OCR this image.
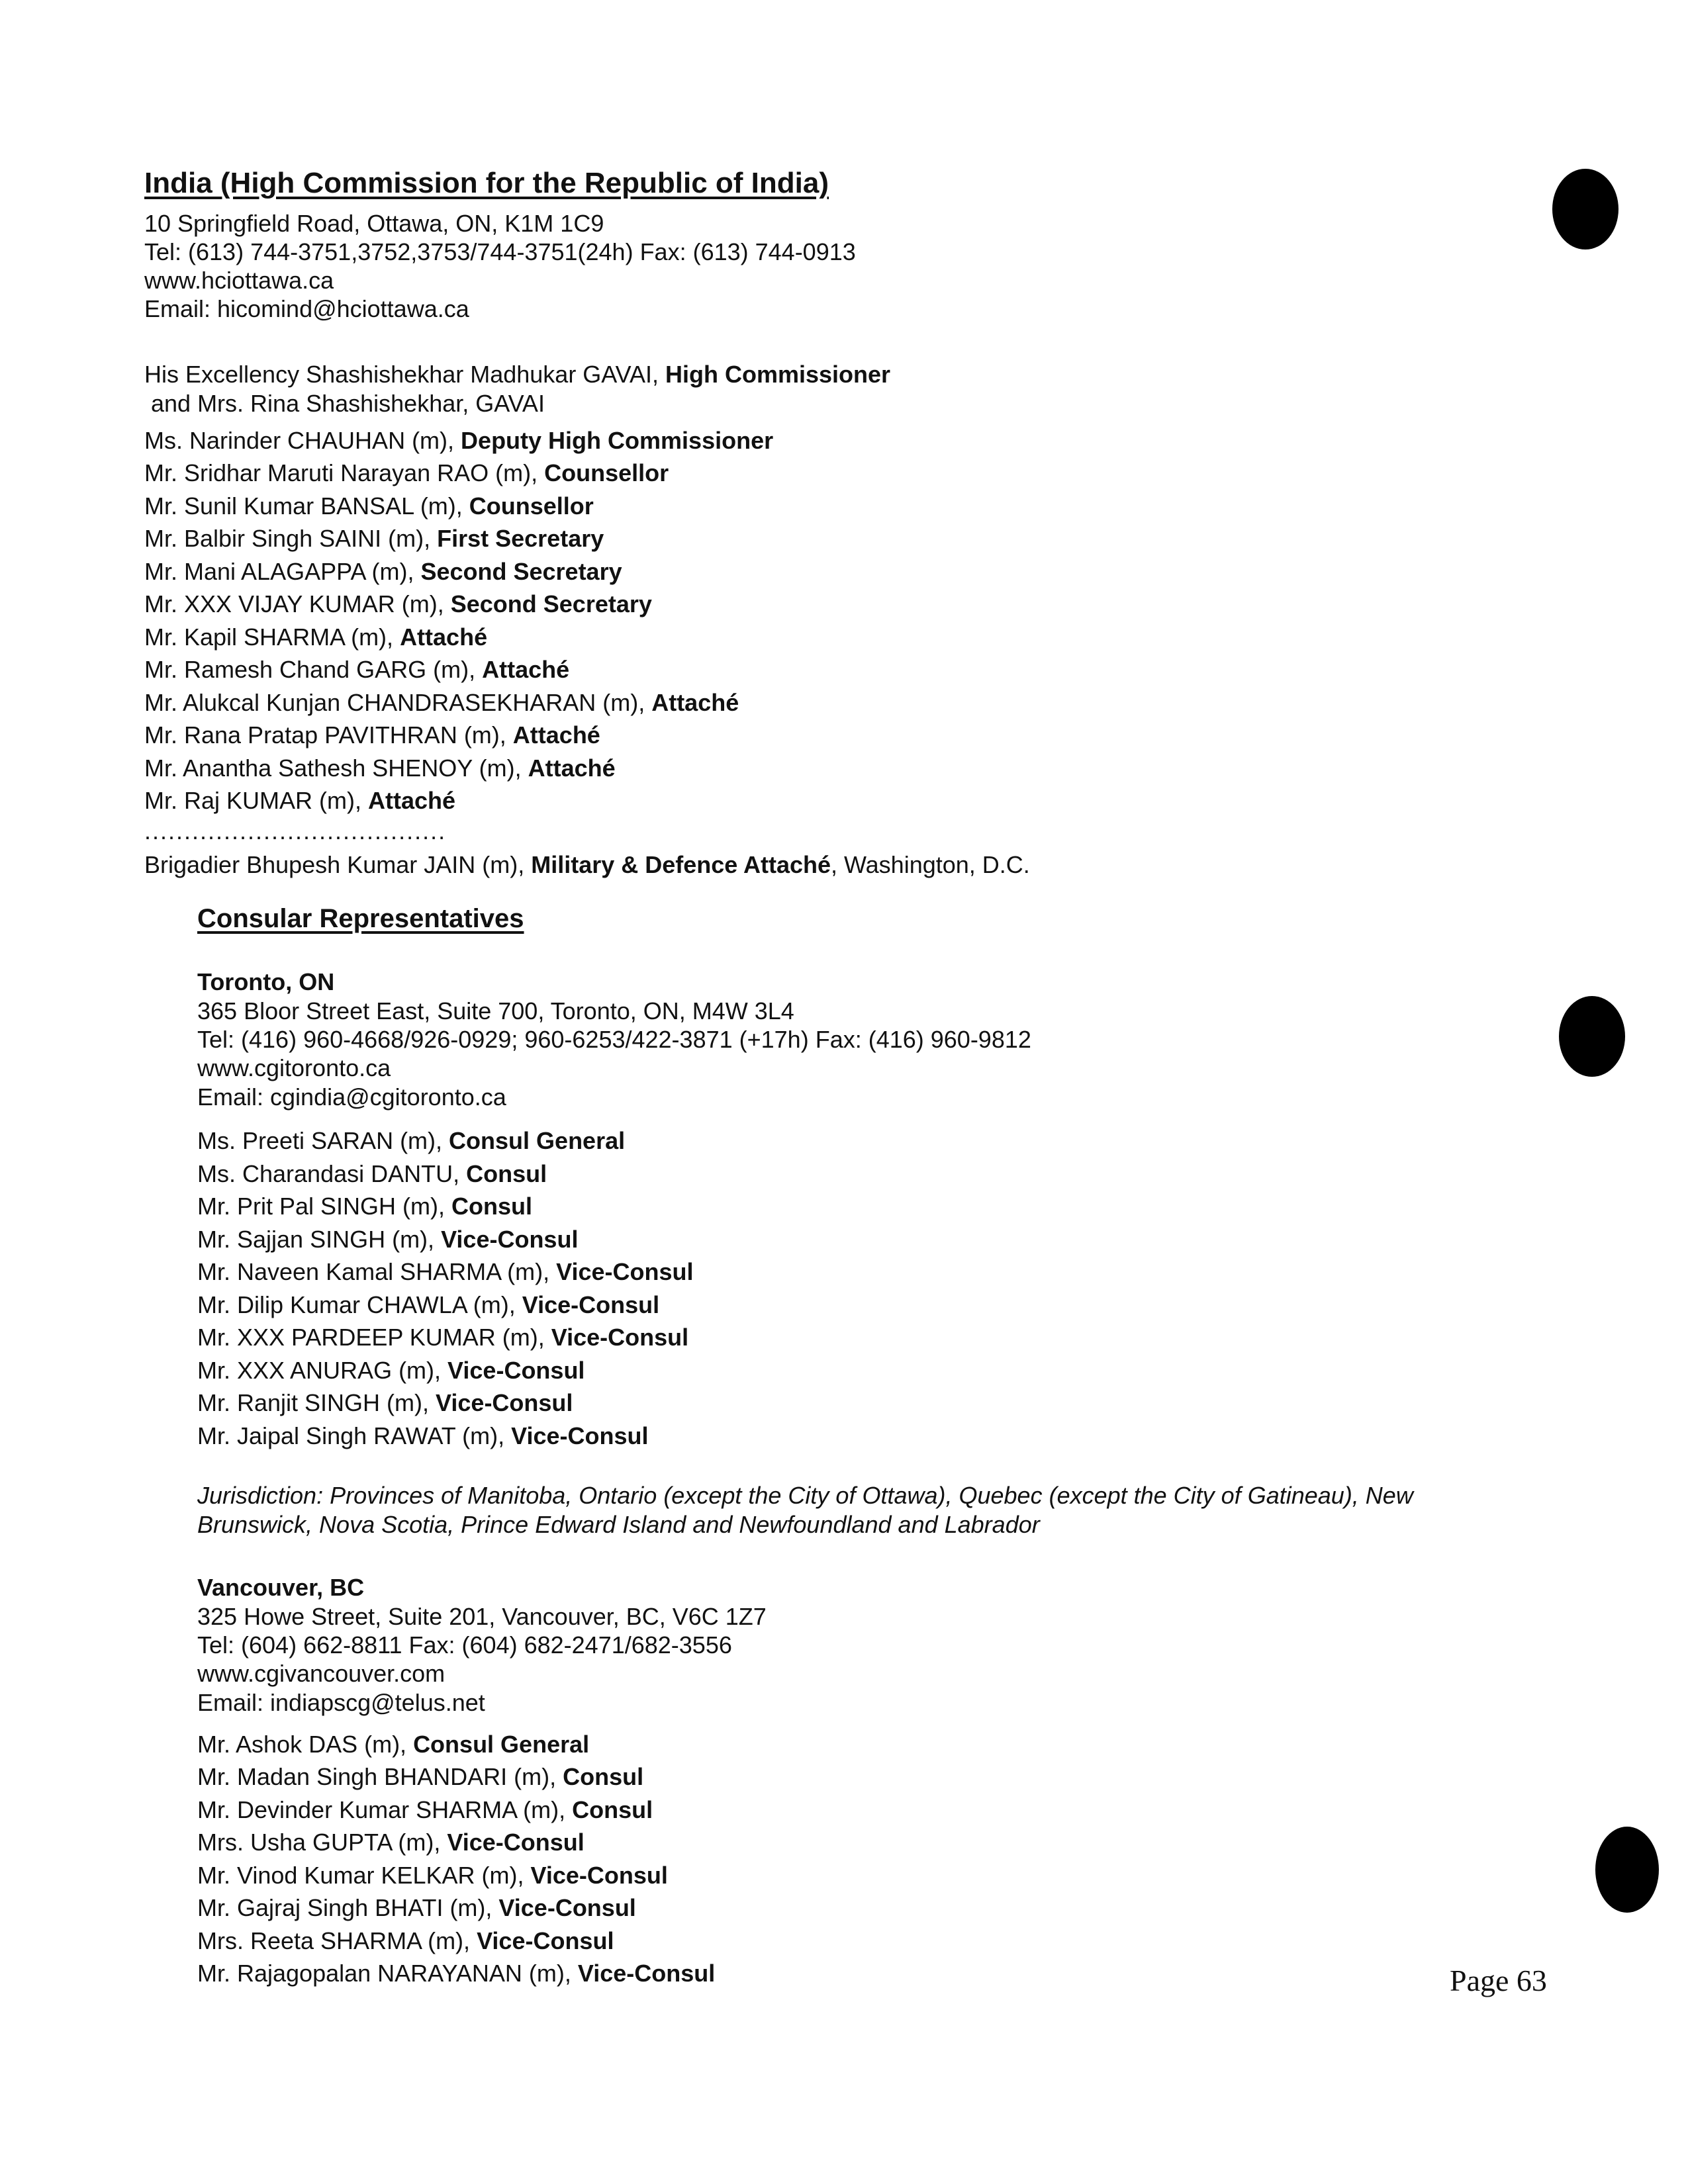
India (High Commission for the Republic of India)
10 Springfield Road, Ottawa, ON, K1M 1C9
Tel: (613) 744-3751,3752,3753/744-3751(24h) Fax: (613) 744-0913
www.hciottawa.ca
Email: hicomind@hciottawa.ca
His Excellency Shashishekhar Madhukar GAVAI, High Commissioner
and Mrs. Rina Shashishekhar, GAVAI
Ms. Narinder CHAUHAN (m), Deputy High Commissioner
Mr. Sridhar Maruti Narayan RAO (m), Counsellor
Mr. Sunil Kumar BANSAL (m), Counsellor
Mr. Balbir Singh SAINI (m), First Secretary
Mr. Mani ALAGAPPA (m), Second Secretary
Mr. XXX VIJAY KUMAR (m), Second Secretary
Mr. Kapil SHARMA (m), Attaché
Mr. Ramesh Chand GARG (m), Attaché
Mr. Alukcal Kunjan CHANDRASEKHARAN (m), Attaché
Mr. Rana Pratap PAVITHRAN (m), Attaché
Mr. Anantha Sathesh SHENOY (m), Attaché
Mr. Raj KUMAR (m), Attaché
......................................
Brigadier Bhupesh Kumar JAIN (m), Military & Defence Attaché, Washington, D.C.
Consular Representatives
Toronto, ON
365 Bloor Street East, Suite 700, Toronto, ON, M4W 3L4
Tel: (416) 960-4668/926-0929; 960-6253/422-3871 (+17h) Fax: (416) 960-9812
www.cgitoronto.ca
Email: cgindia@cgitoronto.ca
Ms. Preeti SARAN (m), Consul General
Ms. Charandasi DANTU, Consul
Mr. Prit Pal SINGH (m), Consul
Mr. Sajjan SINGH (m), Vice-Consul
Mr. Naveen Kamal SHARMA (m), Vice-Consul
Mr. Dilip Kumar CHAWLA (m), Vice-Consul
Mr. XXX PARDEEP KUMAR (m), Vice-Consul
Mr. XXX ANURAG (m), Vice-Consul
Mr. Ranjit SINGH (m), Vice-Consul
Mr. Jaipal Singh RAWAT (m), Vice-Consul
Jurisdiction: Provinces of Manitoba, Ontario (except the City of Ottawa), Quebec (except the City of Gatineau), New
Brunswick, Nova Scotia, Prince Edward Island and Newfoundland and Labrador
Vancouver, BC
325 Howe Street, Suite 201, Vancouver, BC, V6C 1Z7
Tel: (604) 662-8811 Fax: (604) 682-2471/682-3556
www.cgivancouver.com
Email: indiapscg@telus.net
Mr. Ashok DAS (m), Consul General
Mr. Madan Singh BHANDARI (m), Consul
Mr. Devinder Kumar SHARMA (m), Consul
Mrs. Usha GUPTA (m), Vice-Consul
Mr. Vinod Kumar KELKAR (m), Vice-Consul
Mr. Gajraj Singh BHATI (m), Vice-Consul
Mrs. Reeta SHARMA (m), Vice-Consul
Mr. Rajagopalan NARAYANAN (m), Vice-Consul	Page 63
